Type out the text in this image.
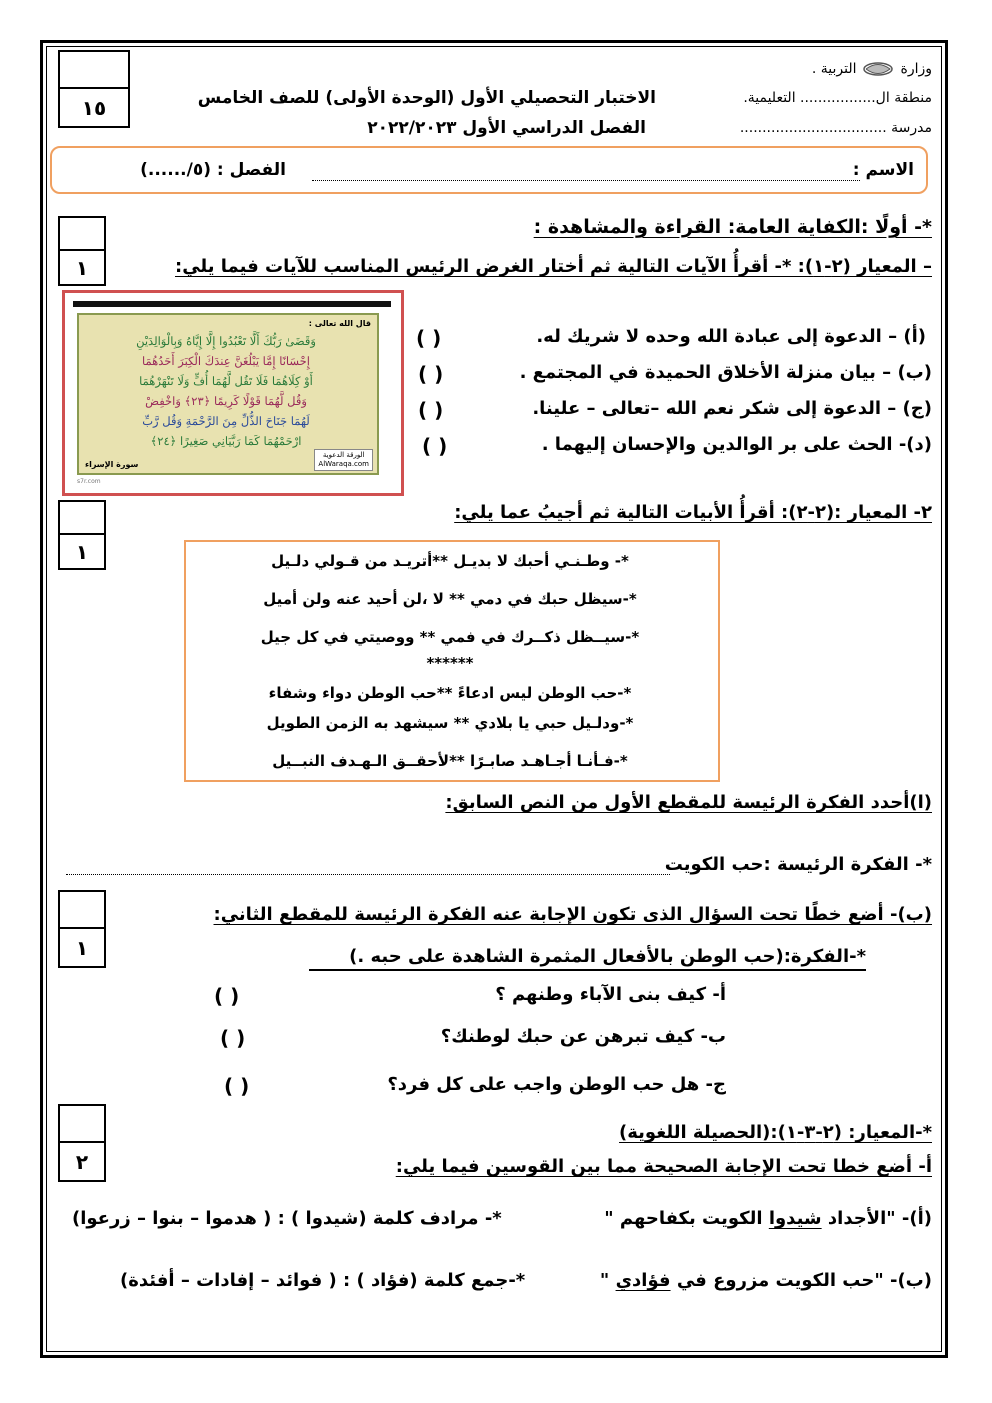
١٥
وزارة
التربية .
منطقة ال................. التعليمية.
مدرسة .................................
الاختبار التحصيلي الأول (الوحدة الأولى) للصف الخامس
الفصل الدراسي الأول ٢٠٢٢/٢٠٢٣
الاسم :
الفصل : (٥/......)
١
*- أولًا :الكفاية العامة: القراءة والمشاهدة :
– المعيار (٢-١): *- أقرأُ الآيات التالية ثم أختار الغرض الرئيس المناسب للآيات فيما يلي:
قال الله تعالى :
وَقَضَىٰ رَبُّكَ أَلَّا تَعْبُدُوا إِلَّا إِيَّاهُ وَبِالْوَالِدَيْنِ
إِحْسَانًا إِمَّا يَبْلُغَنَّ عِندَكَ الْكِبَرَ أَحَدُهُمَا
أَوْ كِلَاهُمَا فَلَا تَقُل لَّهُمَا أُفٍّ وَلَا تَنْهَرْهُمَا
وَقُل لَّهُمَا قَوْلًا كَرِيمًا ﴿٢٣﴾ وَاخْفِضْ
لَهُمَا جَنَاحَ الذُّلِّ مِنَ الرَّحْمَةِ وَقُل رَّبِّ
ارْحَمْهُمَا كَمَا رَبَّيَانِي صَغِيرًا ﴿٢٤﴾
سورة الإسراء
الورقة الدعوية
AlWaraqa.com
s7r.com
(أ) – الدعوة إلى عبادة الله وحده لا شريك له.
(ب) – بيان منزلة الأخلاق الحميدة في المجتمع .
(ج) – الدعوة إلى شكر نعم الله –تعالى – علينا.
(د)- الحث على بر الوالدين والإحسان إليهما .
( )
( )
( )
( )
١
٢- المعيار :(٢-٢): أقرأُ الأبيات التالية ثم أجيبُ عما يلي:
*- وطـنـي أحبك لا بديـل **أتريـد من قـولي دلـيل
*-سيظل حبك في دمي ** لا ،لن أحيد عنه ولن أميل
*-سيــظل ذكــرك في فمي ** ووصيتي في كل جيل
******
*-حب الوطن ليس ادعاءً **حب الوطن دواء وشفاء
*-ودلـيل حبي يا بلادي ** سيشهد به الزمن الطويل
*-فـأنـا أجـاهـد صابـرًا **لأحقــق الـهـدف النبــيل
(ا)أحدد الفكرة الرئيسة للمقطع الأول من النص السابق:
*- الفكرة الرئيسة :حب الكويت
١
(ب)- أضع خطًا تحت السؤال الذى تكون الإجابة عنه الفكرة الرئيسة للمقطع الثاني:
*-الفكرة:(حب الوطن بالأفعال المثمرة الشاهدة على حبه .)
أ- كيف بنى الآباء وطنهم ؟
ب- كيف تبرهن عن حبك لوطنك؟
ج- هل حب الوطن واجب على كل فرد؟
( )
( )
( )
٢
*-المعيار: (٢-٣-١):(الحصيلة اللغوية)
أ- أضع خطا تحت الإجابة الصحيحة مما بين القوسين فيما يلي:
(أ)- "الأجداد شيدوا الكويت بكفاحهم "
*- مرادف كلمة (شيدوا ) : ( هدموا – بنوا – زرعوا)
(ب)- "حب الكويت مزروع في فؤادي "
*-جمع كلمة (فؤاد ) : ( فوائد – إفادات – أفئدة)
